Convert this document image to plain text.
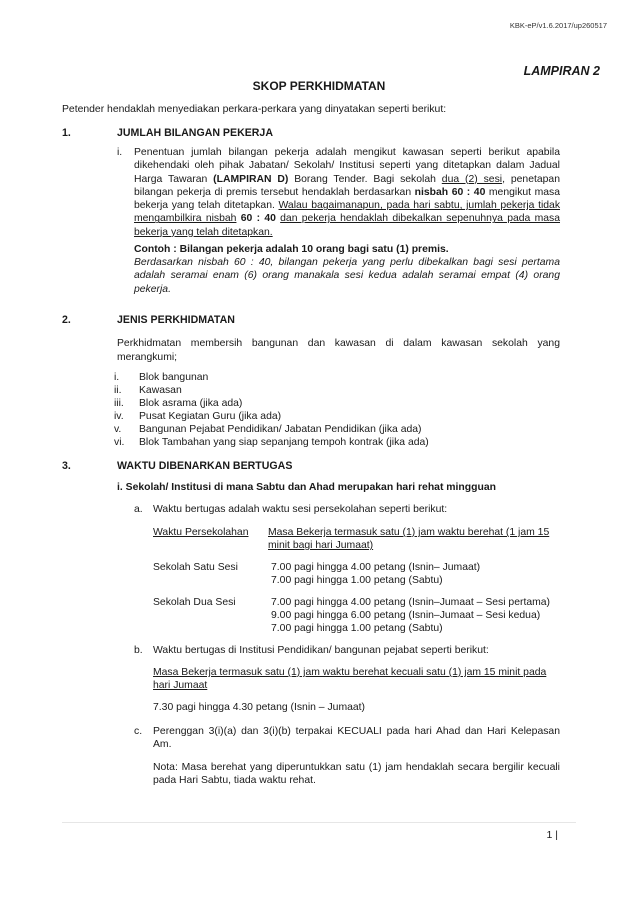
KBK-eP/v1.6.2017/up260517
LAMPIRAN 2
SKOP PERKHIDMATAN
Petender hendaklah menyediakan perkara-perkara yang dinyatakan seperti berikut:
1.	JUMLAH BILANGAN PEKERJA
i. Penentuan jumlah bilangan pekerja adalah mengikut kawasan seperti berikut apabila dikehendaki oleh pihak Jabatan/ Sekolah/ Institusi seperti yang ditetapkan dalam Jadual Harga Tawaran (LAMPIRAN D) Borang Tender. Bagi sekolah dua (2) sesi, penetapan bilangan pekerja di premis tersebut hendaklah berdasarkan nisbah 60 : 40 mengikut masa bekerja yang telah ditetapkan. Walau bagaimanapun, pada hari sabtu, jumlah pekerja tidak mengambilkira nisbah 60 : 40 dan pekerja hendaklah dibekalkan sepenuhnya pada masa bekerja yang telah ditetapkan.
Contoh : Bilangan pekerja adalah 10 orang bagi satu (1) premis.
Berdasarkan nisbah 60 : 40, bilangan pekerja yang perlu dibekalkan bagi sesi pertama adalah seramai enam (6) orang manakala sesi kedua adalah seramai empat (4) orang pekerja.
2.	JENIS PERKHIDMATAN
Perkhidmatan membersih bangunan dan kawasan di dalam kawasan sekolah yang merangkumi;
i. Blok bangunan
ii. Kawasan
iii. Blok asrama (jika ada)
iv. Pusat Kegiatan Guru (jika ada)
v. Bangunan Pejabat Pendidikan/ Jabatan Pendidikan (jika ada)
vi. Blok Tambahan yang siap sepanjang tempoh kontrak (jika ada)
3.	WAKTU DIBENARKAN BERTUGAS
i. Sekolah/ Institusi di mana Sabtu dan Ahad merupakan hari rehat mingguan
a. Waktu bertugas adalah waktu sesi persekolahan seperti berikut:
Waktu Persekolahan Masa Bekerja termasuk satu (1) jam waktu berehat (1 jam 15
minit bagi hari Jumaat)
Sekolah Satu Sesi	7.00 pagi hingga 4.00 petang (Isnin– Jumaat)
7.00 pagi hingga 1.00 petang (Sabtu)
Sekolah Dua Sesi	7.00 pagi hingga 4.00 petang (Isnin–Jumaat – Sesi pertama)
9.00 pagi hingga 6.00 petang (Isnin–Jumaat – Sesi kedua)
7.00 pagi hingga 1.00 petang (Sabtu)
b. Waktu bertugas di Institusi Pendidikan/ bangunan pejabat seperti berikut:
Masa Bekerja termasuk satu (1) jam waktu berehat kecuali satu (1) jam 15 minit pada
hari Jumaat
7.30 pagi hingga 4.30 petang (Isnin – Jumaat)
c. Perenggan 3(i)(a) dan 3(i)(b) terpakai KECUALI pada hari Ahad dan Hari Kelepasan Am.
Nota: Masa berehat yang diperuntukkan satu (1) jam hendaklah secara bergilir kecuali pada Hari Sabtu, tiada waktu rehat.
1 |
